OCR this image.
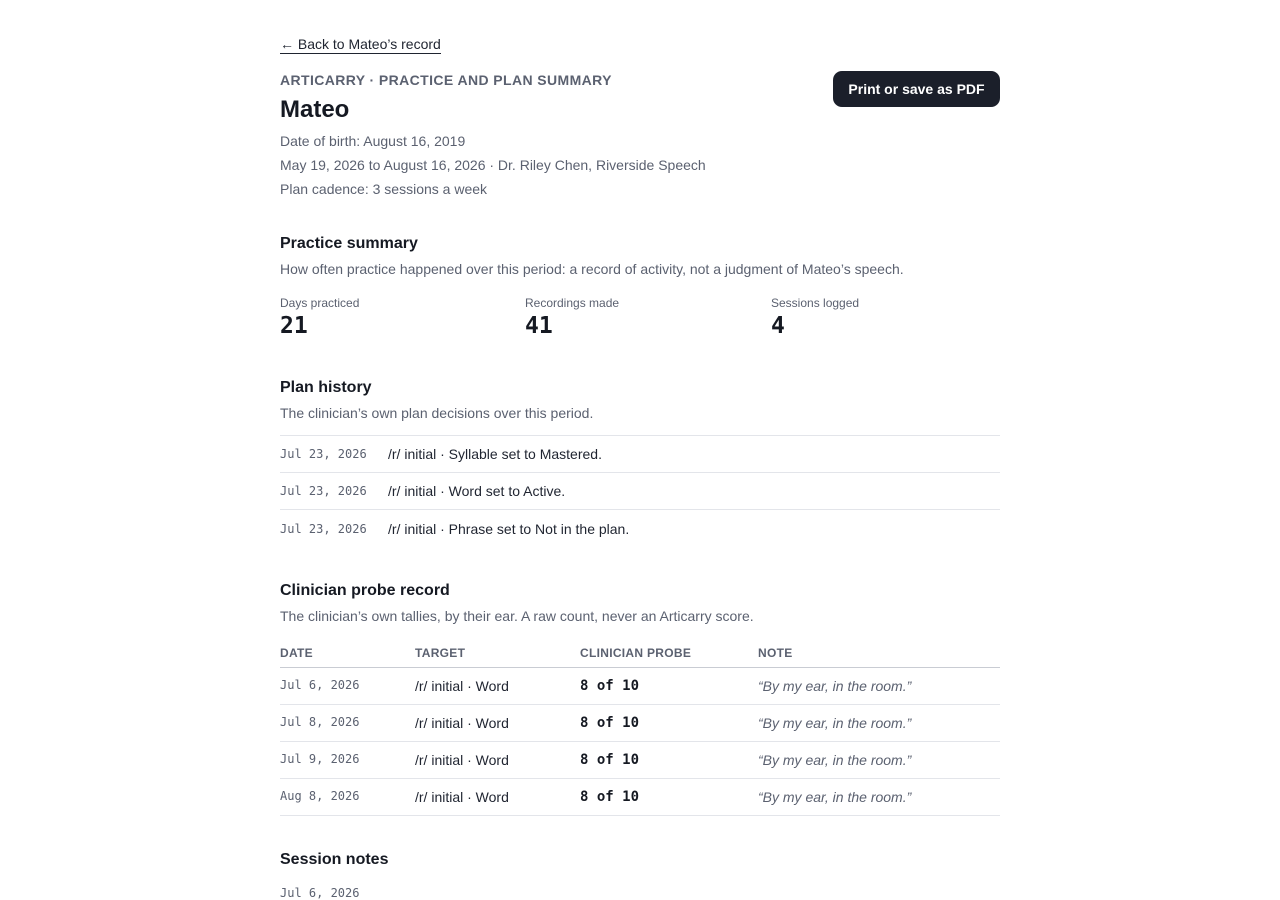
← Back to Mateo’s record
ARTICARRY · PRACTICE AND PLAN SUMMARY
Print or save as PDF
Mateo
Date of birth: August 16, 2019
May 19, 2026 to August 16, 2026 · Dr. Riley Chen, Riverside Speech
Plan cadence: 3 sessions a week
Practice summary
How often practice happened over this period: a record of activity, not a judgment of Mateo’s speech.
Days practiced
21
Recordings made
41
Sessions logged
4
Plan history
The clinician’s own plan decisions over this period.
Jul 23, 2026	/r/ initial · Syllable set to Mastered.
Jul 23, 2026	/r/ initial · Word set to Active.
Jul 23, 2026	/r/ initial · Phrase set to Not in the plan.
Clinician probe record
The clinician’s own tallies, by their ear. A raw count, never an Articarry score.
DATE	TARGET	CLINICIAN PROBE	NOTE
Jul 6, 2026	/r/ initial · Word	8 of 10	“By my ear, in the room.”
Jul 8, 2026	/r/ initial · Word	8 of 10	“By my ear, in the room.”
Jul 9, 2026	/r/ initial · Word	8 of 10	“By my ear, in the room.”
Aug 8, 2026	/r/ initial · Word	8 of 10	“By my ear, in the room.”
Session notes
Jul 6, 2026
